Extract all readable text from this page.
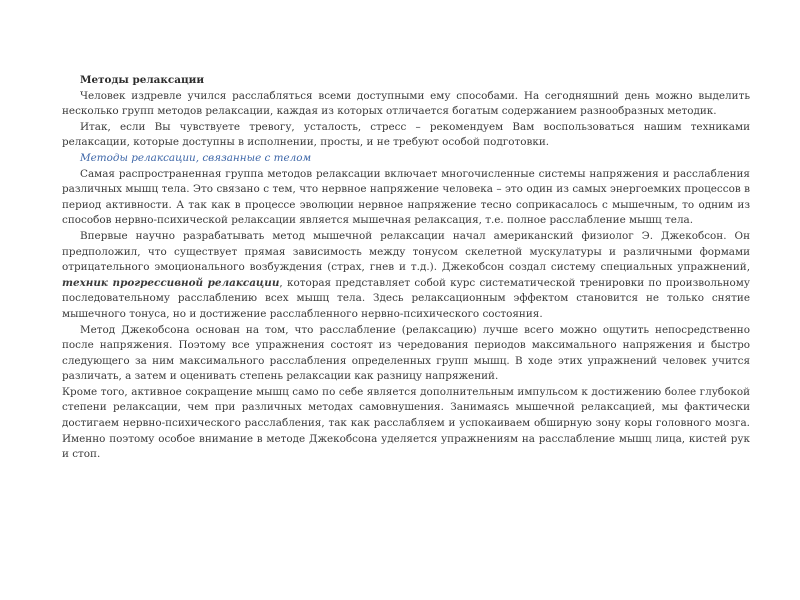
Методы релаксации

Человек издревле учился расслабляться всеми доступными ему способами. На сегодняшний день можно выделить несколько групп методов релаксации, каждая из которых отличается богатым содержанием разнообразных методик.

Итак, если Вы чувствуете тревогу, усталость, стресс – рекомендуем Вам воспользоваться нашим техниками релаксации, которые доступны в исполнении, просты, и не требуют особой подготовки.

Методы релаксации, связанные с телом

Самая распространенная группа методов релаксации включает многочисленные системы напряжения и расслабления различных мышц тела. Это связано с тем, что нервное напряжение человека – это один из самых энергоемких процессов в период активности. А так как в процессе эволюции нервное напряжение тесно соприкасалось с мышечным, то одним из способов нервно-психической релаксации является мышечная релаксация, т.е. полное расслабление мышц тела.

Впервые научно разрабатывать метод мышечной релаксации начал американский физиолог Э. Джекобсон. Он предположил, что существует прямая зависимость между тонусом скелетной мускулатуры и различными формами отрицательного эмоционального возбуждения (страх, гнев и т.д.). Джекобсон создал систему специальных упражнений, техник прогрессивной релаксации, которая представляет собой курс систематической тренировки по произвольному последовательному расслаблению всех мышц тела. Здесь релаксационным эффектом становится не только снятие мышечного тонуса, но и достижение расслабленного нервно-психического состояния.

Метод Джекобсона основан на том, что расслабление (релаксацию) лучше всего можно ощутить непосредственно после напряжения. Поэтому все упражнения состоят из чередования периодов максимального напряжения и быстро следующего за ним максимального расслабления определенных групп мышц. В ходе этих упражнений человек учится различать, а затем и оценивать степень релаксации как разницу напряжений.
Кроме того, активное сокращение мышц само по себе является дополнительным импульсом к достижению более глубокой степени релаксации, чем при различных методах самовнушения. Занимаясь мышечной релаксацией, мы фактически достигаем нервно-психического расслабления, так как расслабляем и успокаиваем обширную зону коры головного мозга. Именно поэтому особое внимание в методе Джекобсона уделяется упражнениям на расслабление мышц лица, кистей рук и стоп.
